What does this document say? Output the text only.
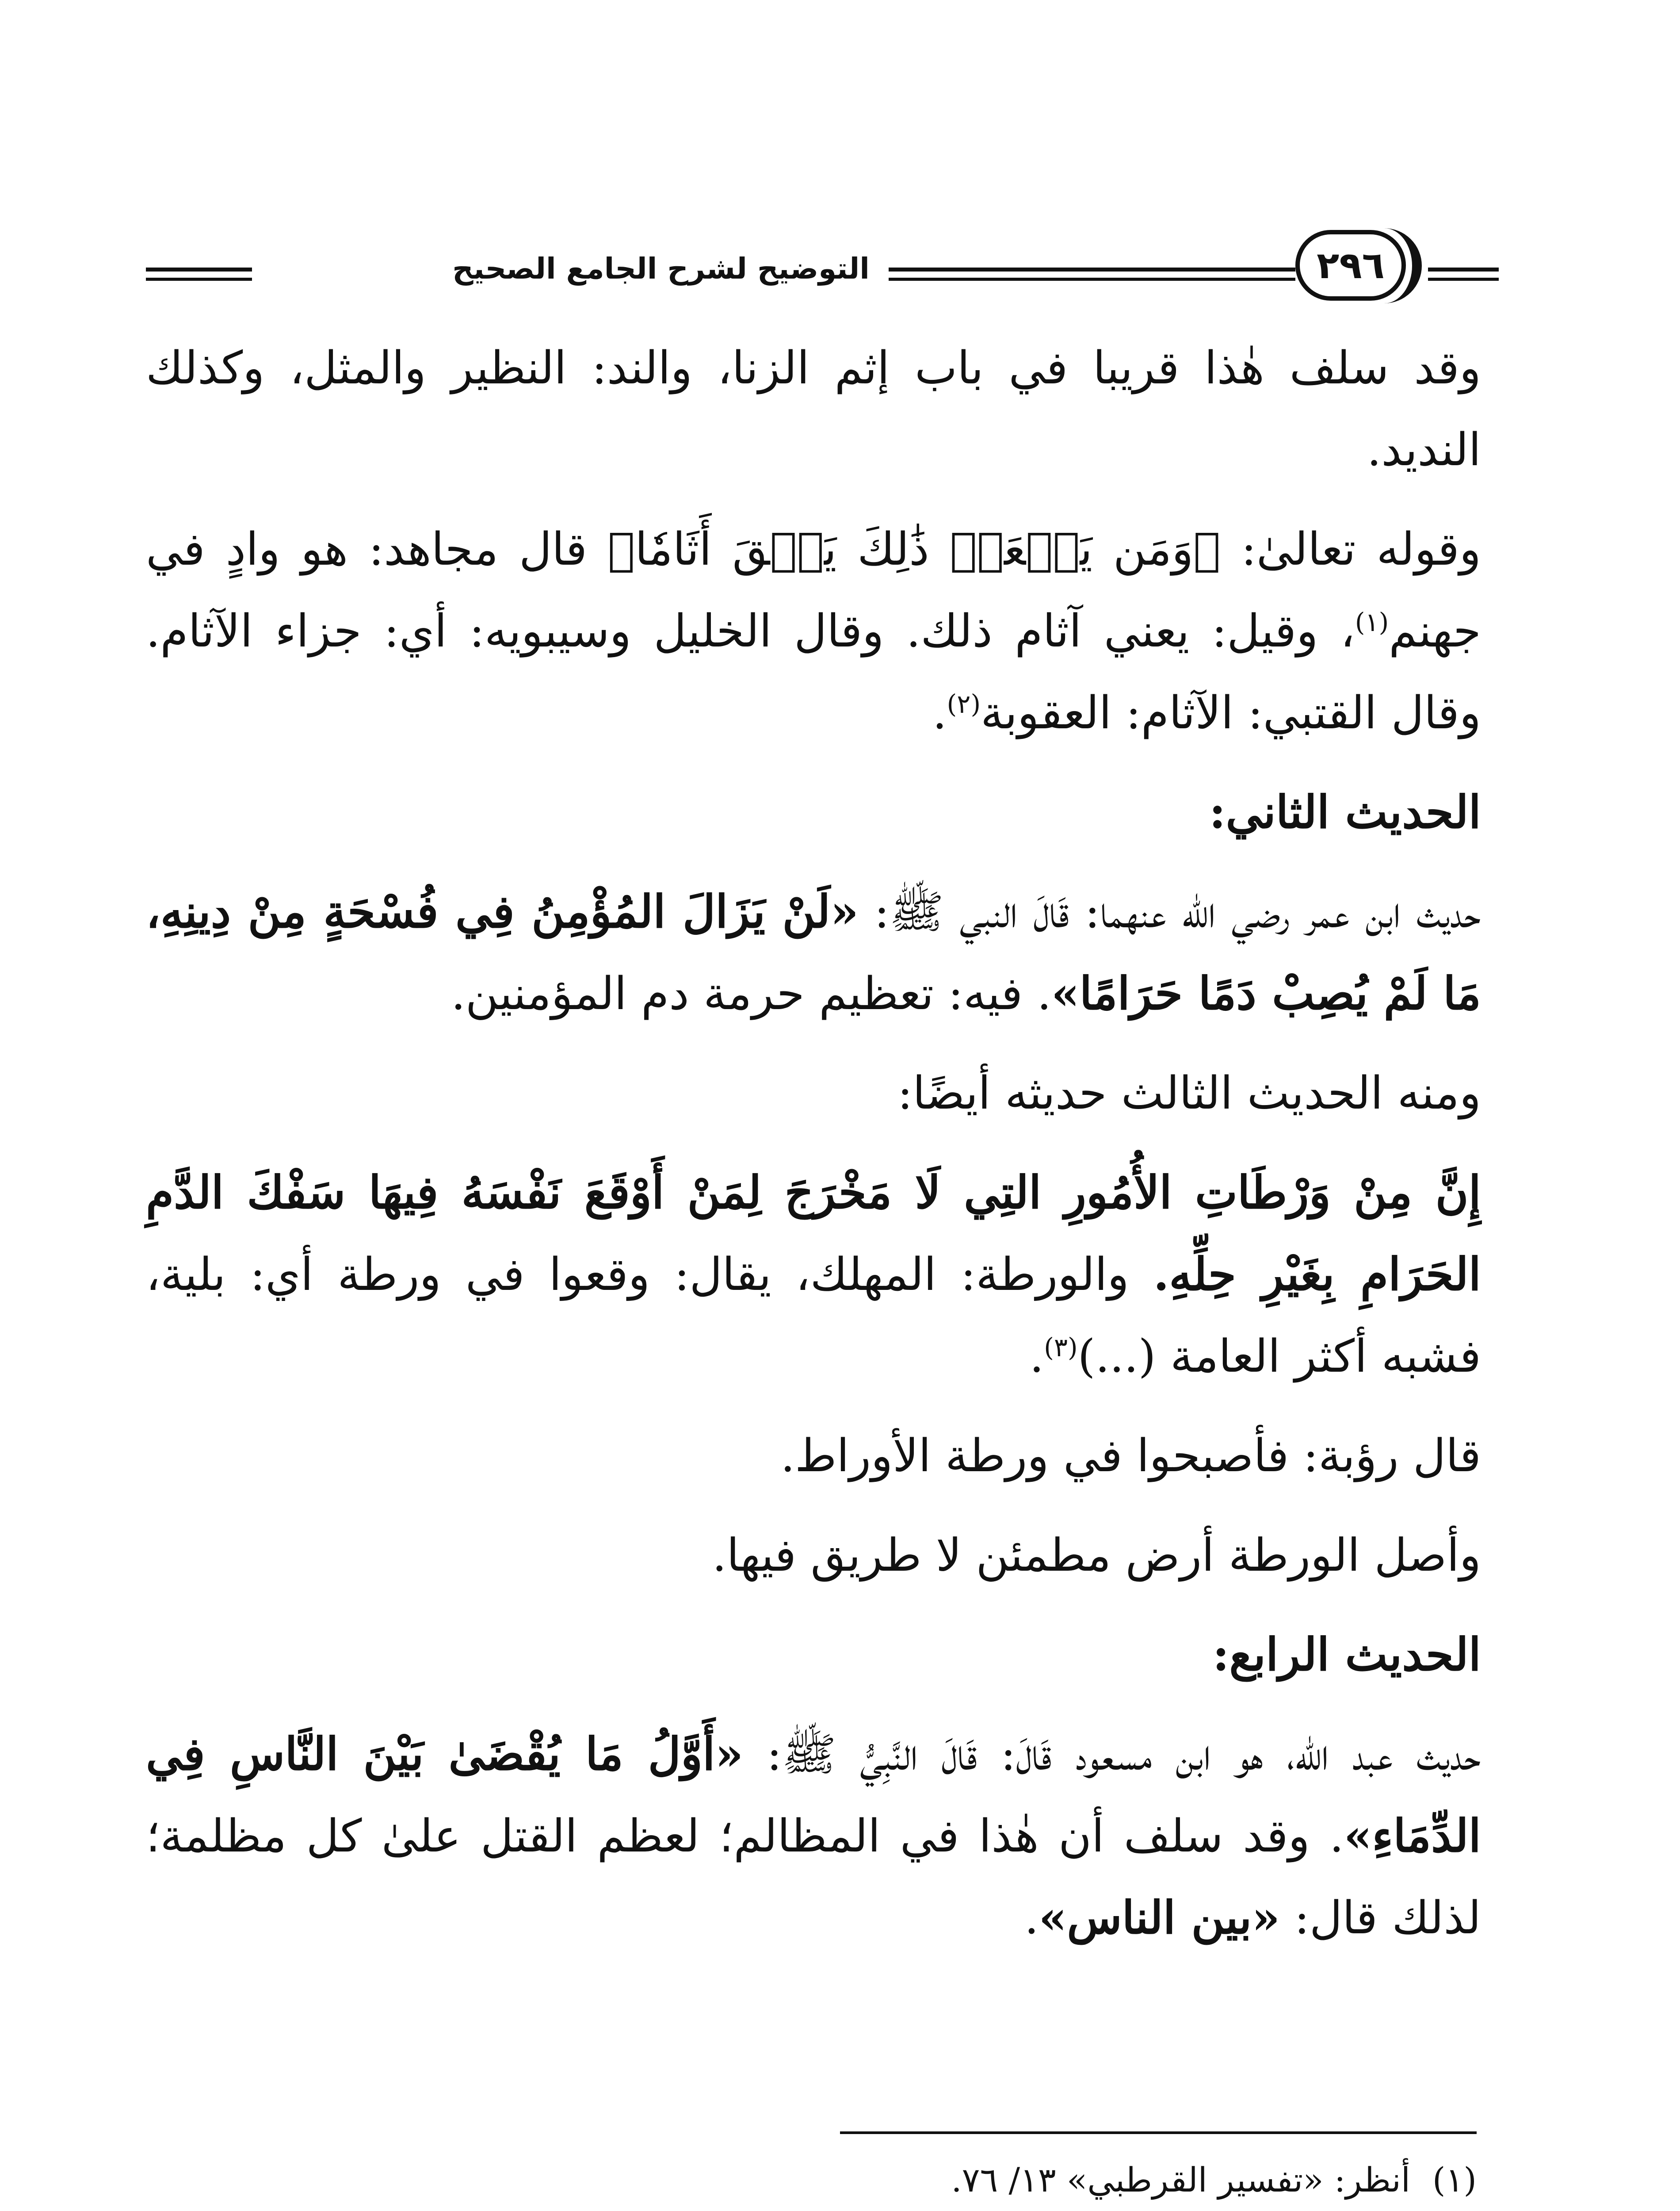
التوضيح لشرح الجامع الصحيح	٢٩٦

وقد سلف هٰذا قريبا في باب إثم الزنا، والند: النظير والمثل، وكذلك النديد.

وقوله تعالىٰ: ﴿وَمَن يَفۡعَلۡ ذَٰلِكَ يَلۡقَ أَثَامٗا﴾ قال مجاهد: هو وادٍ في جهنم$^{(١)}$، وقيل: يعني آثام ذلك. وقال الخليل وسيبويه: أي: جزاء الآثام. وقال القتبي: الآثام: العقوبة$^{(٢)}$.

الحديث الثاني:

حديث ابن عمر رضي الله عنهما: قَالَ النبي ﷺ: «لَنْ يَزَالَ المُؤْمِنُ فِي فُسْحَةٍ مِنْ دِينِهِ، مَا لَمْ يُصِبْ دَمًا حَرَامًا». فيه: تعظيم حرمة دم المؤمنين.

ومنه الحديث الثالث حديثه أيضًا:

إِنَّ مِنْ وَرْطَاتِ الأُمُورِ التِي لَا مَخْرَجَ لِمَنْ أَوْقَعَ نَفْسَهُ فِيهَا سَفْكَ الدَّمِ الحَرَامِ بِغَيْرِ حِلِّهِ. والورطة: المهلك، يقال: وقعوا في ورطة أي: بلية، فشبه أكثر العامة (...)$^{(٣)}$.

قال رؤبة: فأصبحوا في ورطة الأوراط.

وأصل الورطة أرض مطمئن لا طريق فيها.

الحديث الرابع:

حديث عبد الله، هو ابن مسعود قَالَ: قَالَ النَّبِيُّ ﷺ: «أَوَّلُ مَا يُقْضَىٰ بَيْنَ النَّاسِ فِي الدِّمَاءِ». وقد سلف أن هٰذا في المظالم؛ لعظم القتل علىٰ كل مظلمة؛ لذلك قال: «بين الناس».

(١)
أنظر: «تفسير القرطبي» ١٣/ ٧٦.
